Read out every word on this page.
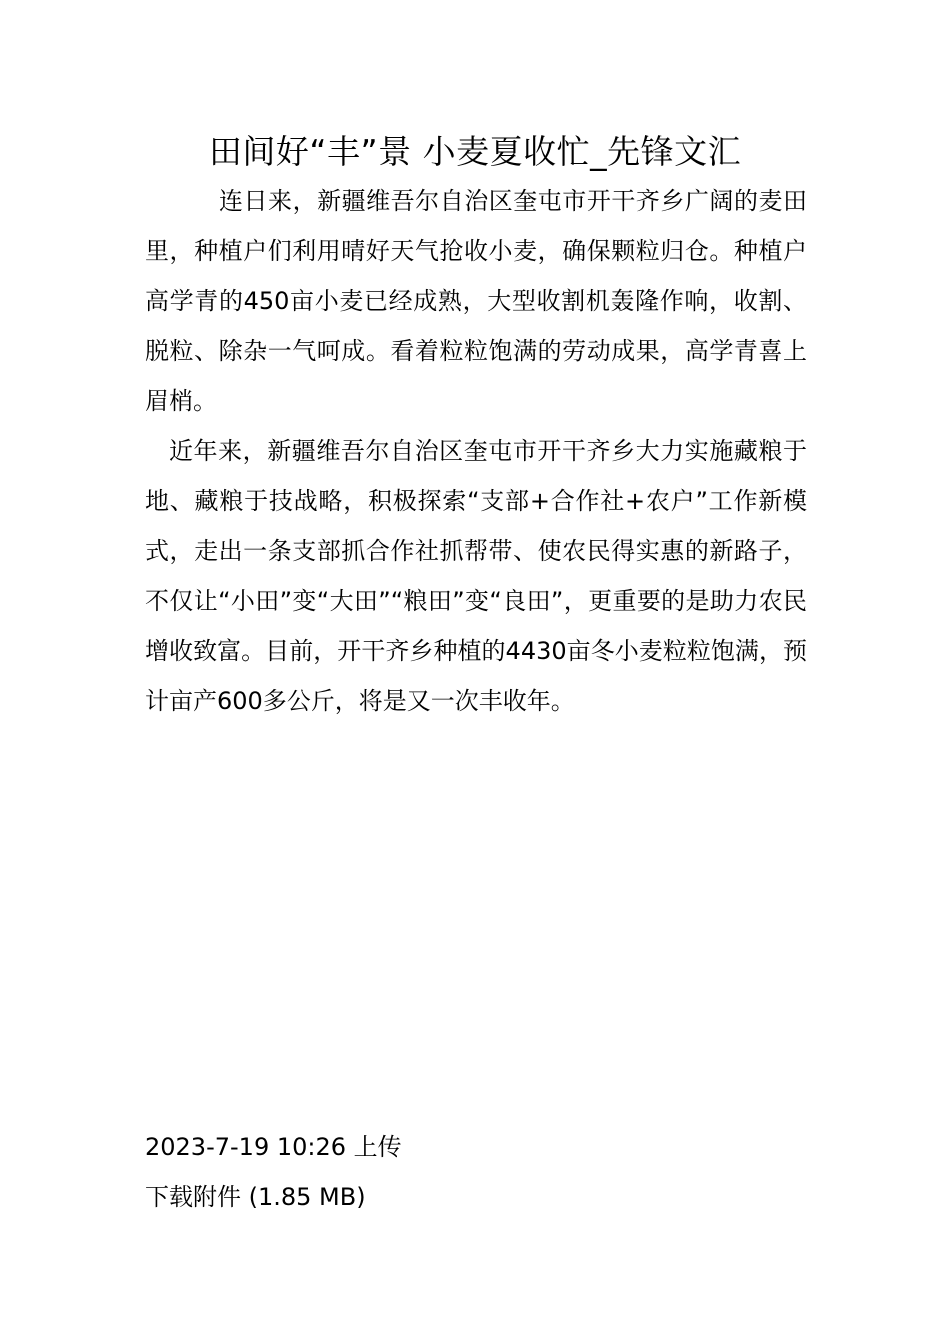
田间好“丰”景 小麦夏收忙_先锋文汇

连日来，新疆维吾尔自治区奎屯市开干齐乡广阔的麦田里，种植户们利用晴好天气抢收小麦，确保颗粒归仓。种植户高学青的450亩小麦已经成熟，大型收割机轰隆作响，收割、脱粒、除杂一气呵成。看着粒粒饱满的劳动成果，高学青喜上眉梢。

近年来，新疆维吾尔自治区奎屯市开干齐乡大力实施藏粮于地、藏粮于技战略，积极探索“支部+合作社+农户”工作新模式，走出一条支部抓合作社抓帮带、使农民得实惠的新路子，不仅让“小田”变“大田”“粮田”变“良田”，更重要的是助力农民增收致富。目前，开干齐乡种植的4430亩冬小麦粒粒饱满，预计亩产600多公斤，将是又一次丰收年。

2023-7-19 10:26 上传

下载附件 (1.85 MB)
